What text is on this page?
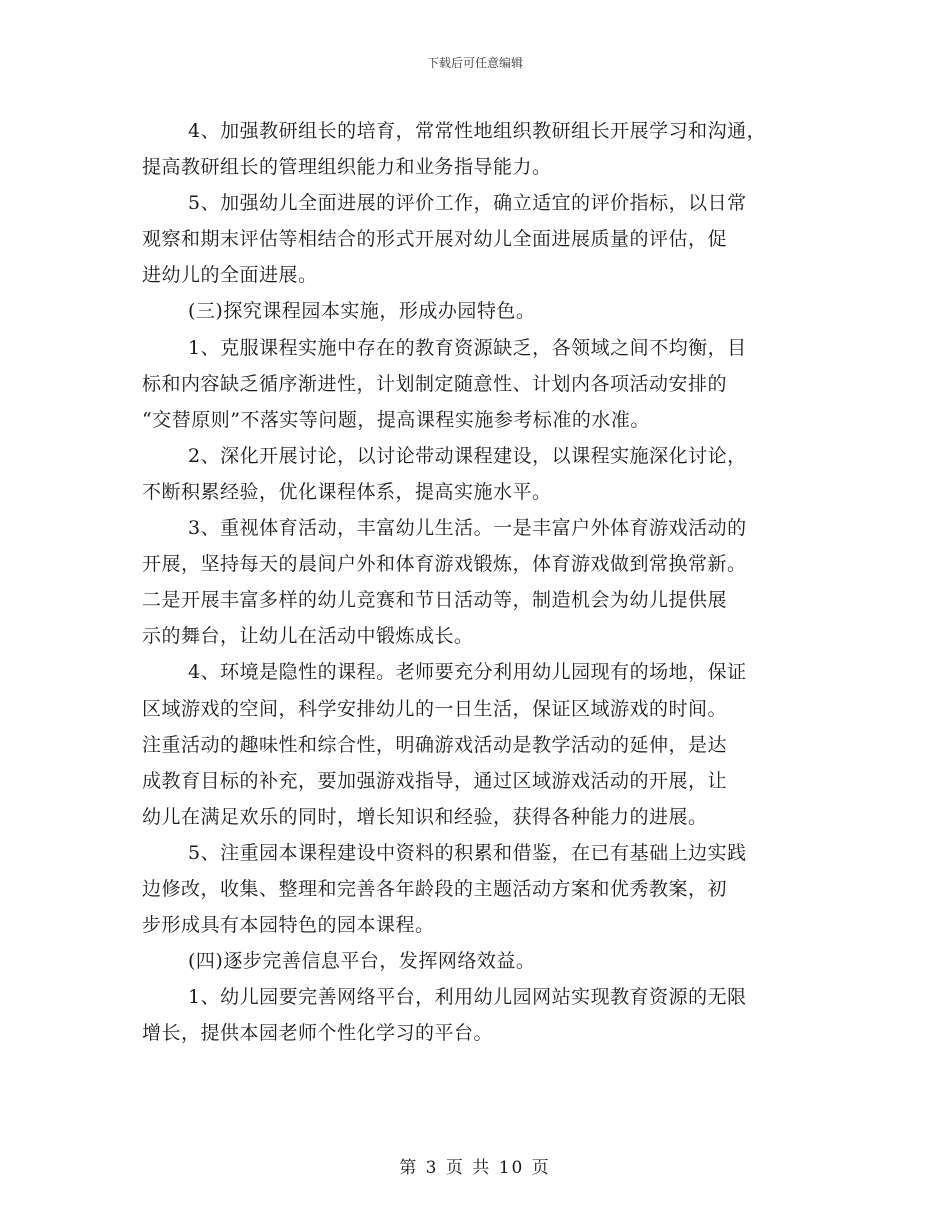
下载后可任意编辑
4、加强教研组长的培育，常常性地组织教研组长开展学习和沟通，
提高教研组长的管理组织能力和业务指导能力。
5、加强幼儿全面进展的评价工作，确立适宜的评价指标，以日常
观察和期末评估等相结合的形式开展对幼儿全面进展质量的评估，促
进幼儿的全面进展。
(三)探究课程园本实施，形成办园特色。
1、克服课程实施中存在的教育资源缺乏，各领域之间不均衡，目
标和内容缺乏循序渐进性，计划制定随意性、计划内各项活动安排的
“交替原则”不落实等问题，提高课程实施参考标准的水准。
2、深化开展讨论，以讨论带动课程建设，以课程实施深化讨论，
不断积累经验，优化课程体系，提高实施水平。
3、重视体育活动，丰富幼儿生活。一是丰富户外体育游戏活动的
开展，坚持每天的晨间户外和体育游戏锻炼，体育游戏做到常换常新。
二是开展丰富多样的幼儿竞赛和节日活动等，制造机会为幼儿提供展
示的舞台，让幼儿在活动中锻炼成长。
4、环境是隐性的课程。老师要充分利用幼儿园现有的场地，保证
区域游戏的空间，科学安排幼儿的一日生活，保证区域游戏的时间。
注重活动的趣味性和综合性，明确游戏活动是教学活动的延伸，是达
成教育目标的补充，要加强游戏指导，通过区域游戏活动的开展，让
幼儿在满足欢乐的同时，增长知识和经验，获得各种能力的进展。
5、注重园本课程建设中资料的积累和借鉴，在已有基础上边实践
边修改，收集、整理和完善各年龄段的主题活动方案和优秀教案，初
步形成具有本园特色的园本课程。
(四)逐步完善信息平台，发挥网络效益。
1、幼儿园要完善网络平台，利用幼儿园网站实现教育资源的无限
增长，提供本园老师个性化学习的平台。
第 3 页 共 10 页
